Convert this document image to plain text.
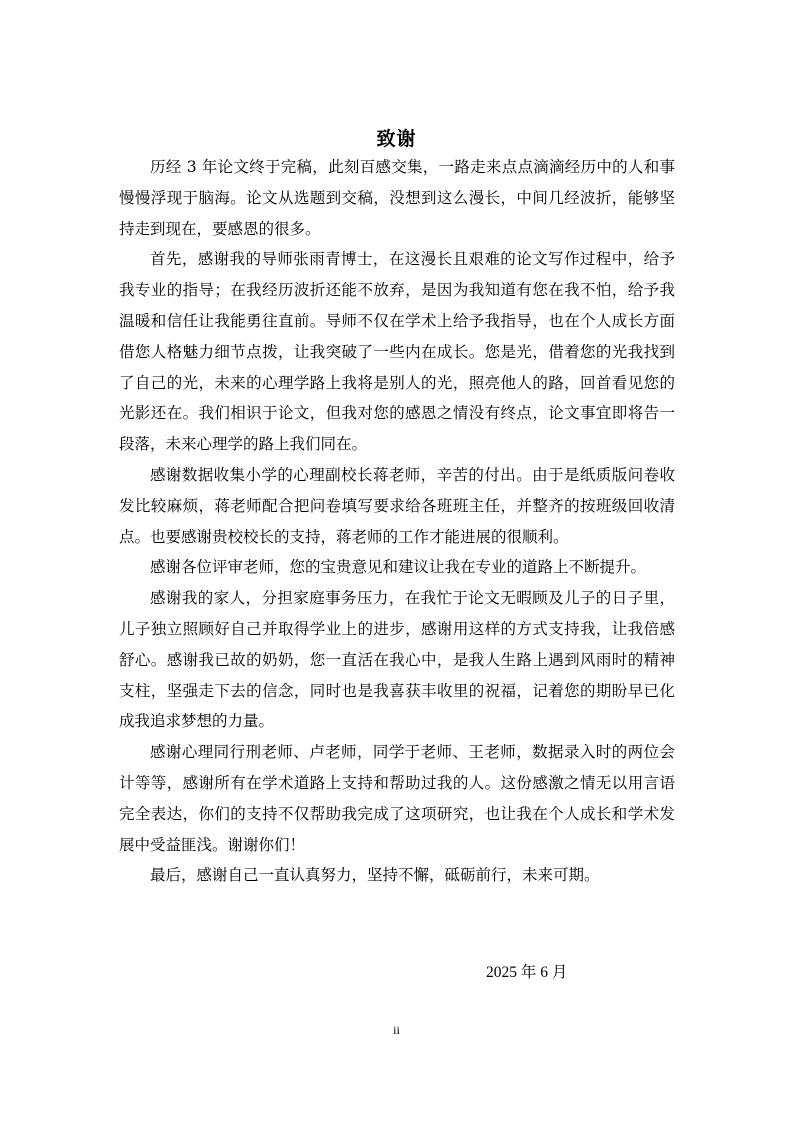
致谢

历经 3 年论文终于完稿，此刻百感交集，一路走来点点滴滴经历中的人和事慢慢浮现于脑海。论文从选题到交稿，没想到这么漫长，中间几经波折，能够坚持走到现在，要感恩的很多。

首先，感谢我的导师张雨青博士，在这漫长且艰难的论文写作过程中，给予我专业的指导；在我经历波折还能不放弃，是因为我知道有您在我不怕，给予我温暖和信任让我能勇往直前。导师不仅在学术上给予我指导，也在个人成长方面借您人格魅力细节点拨，让我突破了一些内在成长。您是光，借着您的光我找到了自己的光，未来的心理学路上我将是别人的光，照亮他人的路，回首看见您的光影还在。我们相识于论文，但我对您的感恩之情没有终点，论文事宜即将告一段落，未来心理学的路上我们同在。

感谢数据收集小学的心理副校长蒋老师，辛苦的付出。由于是纸质版问卷收发比较麻烦，蒋老师配合把问卷填写要求给各班班主任，并整齐的按班级回收清点。也要感谢贵校校长的支持，蒋老师的工作才能进展的很顺利。

感谢各位评审老师，您的宝贵意见和建议让我在专业的道路上不断提升。

感谢我的家人，分担家庭事务压力，在我忙于论文无暇顾及儿子的日子里，儿子独立照顾好自己并取得学业上的进步，感谢用这样的方式支持我，让我倍感舒心。感谢我已故的奶奶，您一直活在我心中，是我人生路上遇到风雨时的精神支柱，坚强走下去的信念，同时也是我喜获丰收里的祝福，记着您的期盼早已化成我追求梦想的力量。

感谢心理同行刑老师、卢老师，同学于老师、王老师，数据录入时的两位会计等等，感谢所有在学术道路上支持和帮助过我的人。这份感激之情无以用言语完全表达，你们的支持不仅帮助我完成了这项研究，也让我在个人成长和学术发展中受益匪浅。谢谢你们！

最后，感谢自己一直认真努力，坚持不懈，砥砺前行，未来可期。

2025 年 6 月
ii
